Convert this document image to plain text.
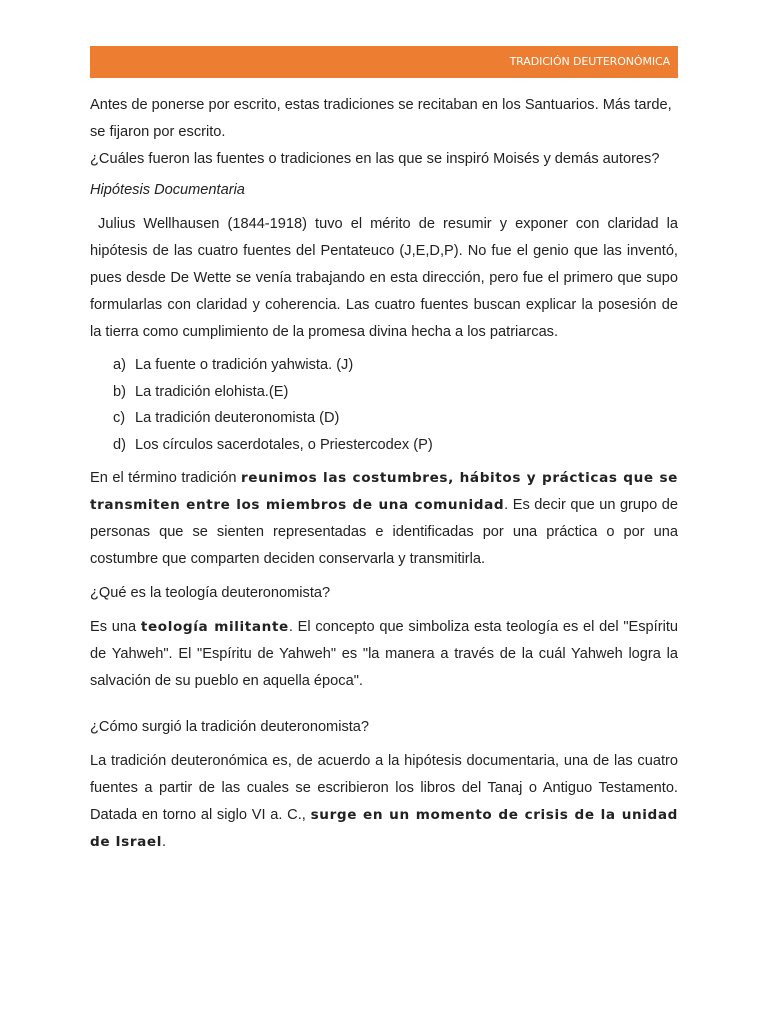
TRADICIÓN DEUTERONÓMICA

Antes de ponerse por escrito, estas tradiciones se recitaban en los Santuarios. Más tarde, se fijaron por escrito.

¿Cuáles fueron las fuentes o tradiciones en las que se inspiró Moisés y demás autores?

Hipótesis Documentaria

Julius Wellhausen (1844-1918) tuvo el mérito de resumir y exponer con claridad la hipótesis de las cuatro fuentes del Pentateuco (J,E,D,P). No fue el genio que las inventó, pues desde De Wette se venía trabajando en esta dirección, pero fue el primero que supo formularlas con claridad y coherencia. Las cuatro fuentes buscan explicar la posesión de la tierra como cumplimiento de la promesa divina hecha a los patriarcas.

a) La fuente o tradición yahwista. (J)
b) La tradición elohista.(E)
c) La tradición deuteronomista (D)
d) Los círculos sacerdotales, o Priestercodex (P)

En el término tradición reunimos las costumbres, hábitos y prácticas que se transmiten entre los miembros de una comunidad. Es decir que un grupo de personas que se sienten representadas e identificadas por una práctica o por una costumbre que comparten deciden conservarla y transmitirla.

¿Qué es la teología deuteronomista?

Es una teología militante. El concepto que simboliza esta teología es el del "Espíritu de Yahweh". El "Espíritu de Yahweh" es "la manera a través de la cuál Yahweh logra la salvación de su pueblo en aquella época".

¿Cómo surgió la tradición deuteronomista?

La tradición deuteronómica es, de acuerdo a la hipótesis documentaria, una de las cuatro fuentes a partir de las cuales se escribieron los libros del Tanaj o Antiguo Testamento. Datada en torno al siglo VI a. C., surge en un momento de crisis de la unidad de Israel.
